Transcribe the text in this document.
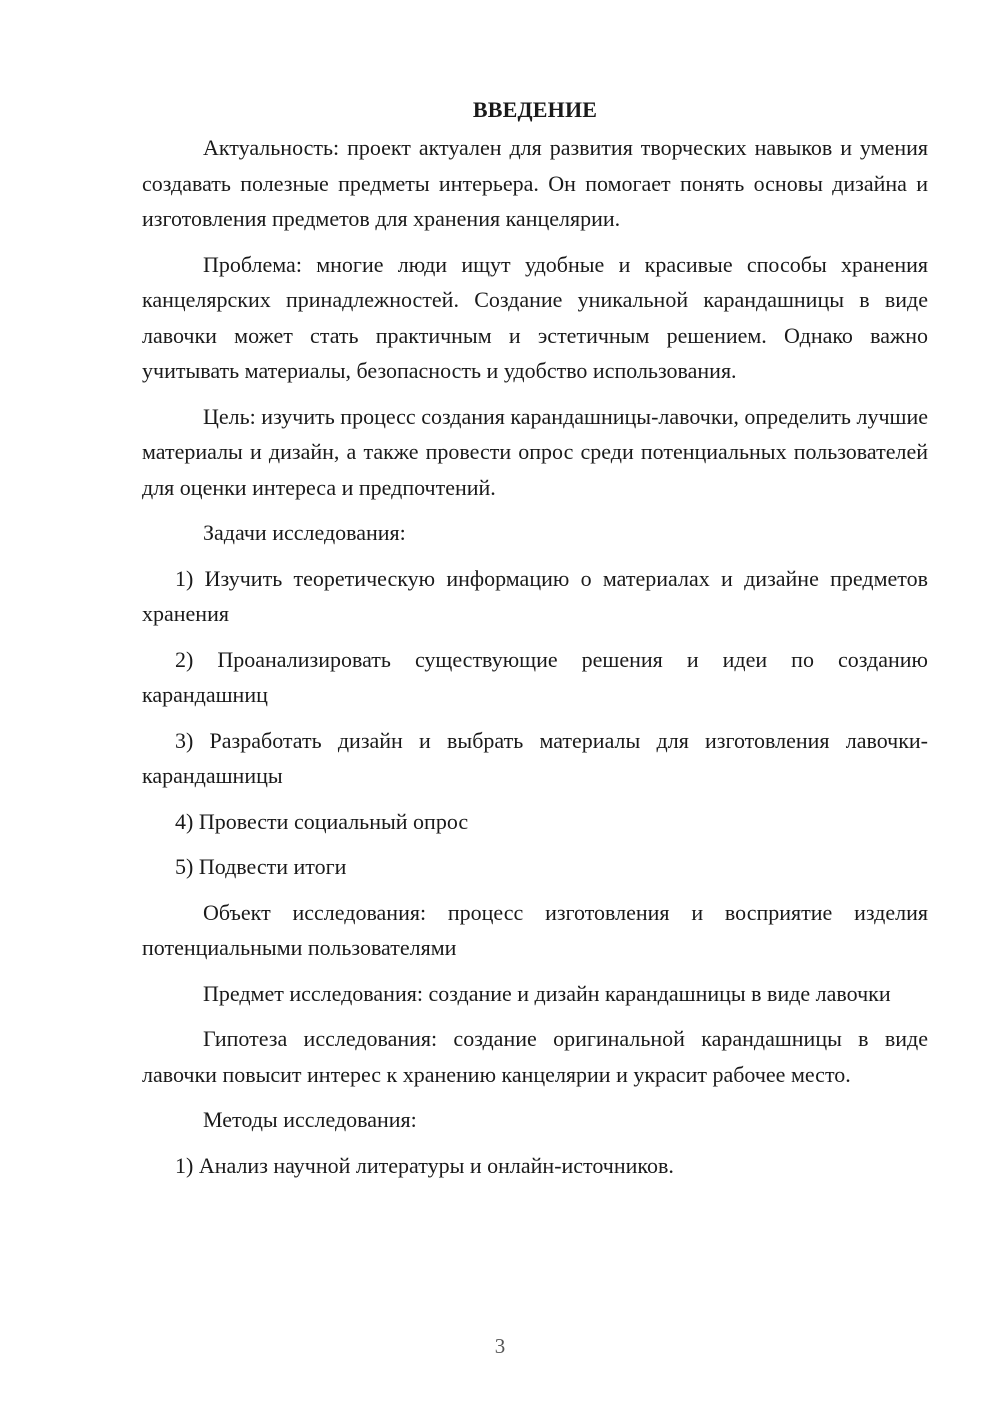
ВВЕДЕНИЕ

Актуальность: проект актуален для развития творческих навыков и умения создавать полезные предметы интерьера. Он помогает понять основы дизайна и изготовления предметов для хранения канцелярии.

Проблема: многие люди ищут удобные и красивые способы хранения канцелярских принадлежностей. Создание уникальной карандашницы в виде лавочки может стать практичным и эстетичным решением. Однако важно учитывать материалы, безопасность и удобство использования.

Цель: изучить процесс создания карандашницы-лавочки, определить лучшие материалы и дизайн, а также провести опрос среди потенциальных пользователей для оценки интереса и предпочтений.

Задачи исследования:

1) Изучить теоретическую информацию о материалах и дизайне предметов хранения

2) Проанализировать существующие решения и идеи по созданию карандашниц

3) Разработать дизайн и выбрать материалы для изготовления лавочки-карандашницы

4) Провести социальный опрос

5) Подвести итоги

Объект исследования: процесс изготовления и восприятие изделия потенциальными пользователями

Предмет исследования: создание и дизайн карандашницы в виде лавочки

Гипотеза исследования: создание оригинальной карандашницы в виде лавочки повысит интерес к хранению канцелярии и украсит рабочее место.

Методы исследования:

1) Анализ научной литературы и онлайн-источников.

3
